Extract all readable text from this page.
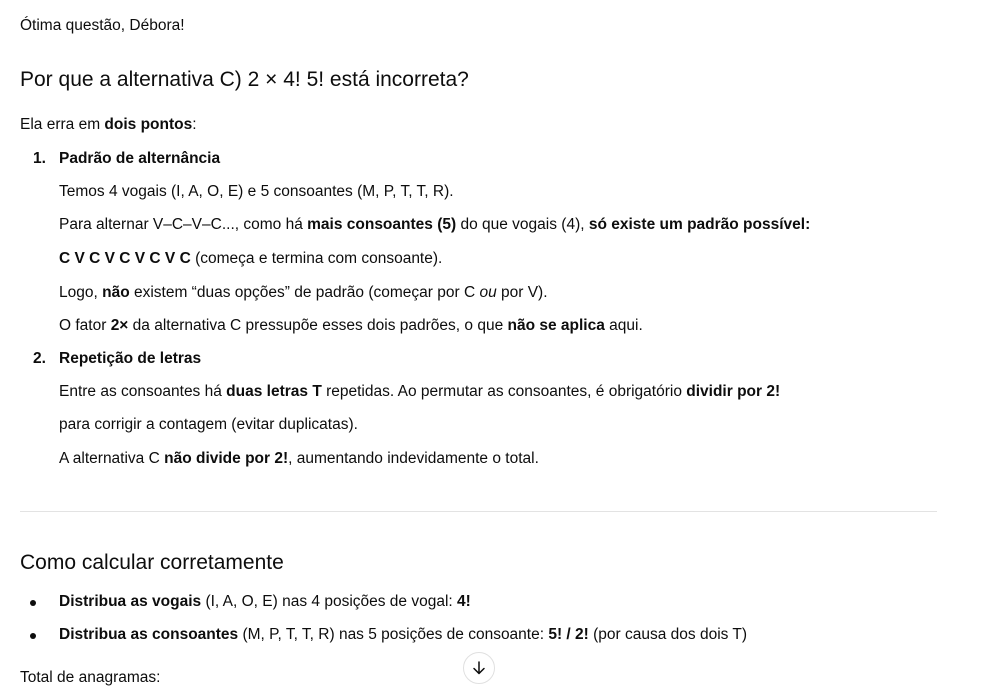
Ótima questão, Débora!
Por que a alternativa C) 2 × 4! 5! está incorreta?
Ela erra em dois pontos:
1. Padrão de alternância
Temos 4 vogais (I, A, O, E) e 5 consoantes (M, P, T, T, R).
Para alternar V–C–V–C..., como há mais consoantes (5) do que vogais (4), só existe um padrão possível:
C V C V C V C V C (começa e termina com consoante).
Logo, não existem “duas opções” de padrão (começar por C ou por V).
O fator 2× da alternativa C pressupõe esses dois padrões, o que não se aplica aqui.
2. Repetição de letras
Entre as consoantes há duas letras T repetidas. Ao permutar as consoantes, é obrigatório dividir por 2!
para corrigir a contagem (evitar duplicatas).
A alternativa C não divide por 2!, aumentando indevidamente o total.
Como calcular corretamente
Distribua as vogais (I, A, O, E) nas 4 posições de vogal: 4!
Distribua as consoantes (M, P, T, T, R) nas 5 posições de consoante: 5! / 2! (por causa dos dois T)
Total de anagramas:
